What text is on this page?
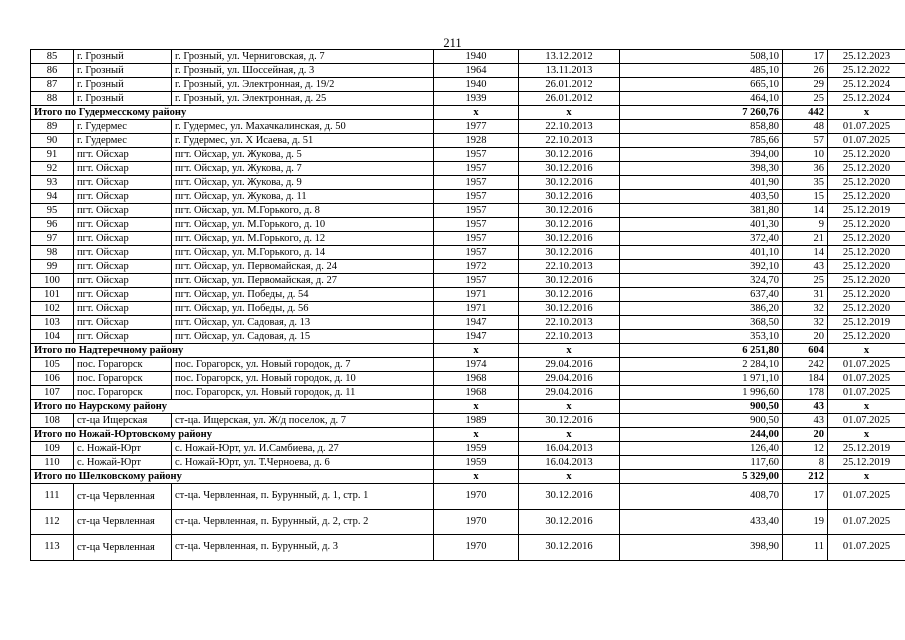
211
85	г. Грозный	г. Грозный, ул. Черниговская, д. 7	1940	13.12.2012	508,10	17	25.12.2023
86	г. Грозный	г. Грозный, ул. Шоссейная, д. 3	1964	13.11.2013	485,10	26	25.12.2022
87	г. Грозный	г. Грозный, ул. Электронная, д. 19/2	1940	26.01.2012	665,10	29	25.12.2024
88	г. Грозный	г. Грозный, ул. Электронная, д. 25	1939	26.01.2012	464,10	25	25.12.2024
Итого по Гудермесскому району			х	х	7 260,76	442	х
89	г. Гудермес	г. Гудермес, ул. Махачкалинская, д. 50	1977	22.10.2013	858,80	48	01.07.2025
90	г. Гудермес	г. Гудермес, ул. Х Исаева, д. 51	1928	22.10.2013	785,66	57	01.07.2025
91	пгт. Ойсхар	пгт. Ойсхар, ул. Жукова, д. 5	1957	30.12.2016	394,00	10	25.12.2020
92	пгт. Ойсхар	пгт. Ойсхар, ул. Жукова, д. 7	1957	30.12.2016	398,30	36	25.12.2020
93	пгт. Ойсхар	пгт. Ойсхар, ул. Жукова, д. 9	1957	30.12.2016	401,90	35	25.12.2020
94	пгт. Ойсхар	пгт. Ойсхар, ул. Жукова, д. 11	1957	30.12.2016	403,50	15	25.12.2020
95	пгт. Ойсхар	пгт. Ойсхар, ул. М.Горького, д. 8	1957	30.12.2016	381,80	14	25.12.2019
96	пгт. Ойсхар	пгт. Ойсхар, ул. М.Горького, д. 10	1957	30.12.2016	401,30	9	25.12.2020
97	пгт. Ойсхар	пгт. Ойсхар, ул. М.Горького, д. 12	1957	30.12.2016	372,40	21	25.12.2020
98	пгт. Ойсхар	пгт. Ойсхар, ул. М.Горького, д. 14	1957	30.12.2016	401,10	14	25.12.2020
99	пгт. Ойсхар	пгт. Ойсхар, ул. Первомайская, д. 24	1972	22.10.2013	392,10	43	25.12.2020
100	пгт. Ойсхар	пгт. Ойсхар, ул. Первомайская, д. 27	1957	30.12.2016	324,70	25	25.12.2020
101	пгт. Ойсхар	пгт. Ойсхар, ул. Победы, д. 54	1971	30.12.2016	637,40	31	25.12.2020
102	пгт. Ойсхар	пгт. Ойсхар, ул. Победы, д. 56	1971	30.12.2016	386,20	32	25.12.2020
103	пгт. Ойсхар	пгт. Ойсхар, ул. Садовая, д. 13	1947	22.10.2013	368,50	32	25.12.2019
104	пгт. Ойсхар	пгт. Ойсхар, ул. Садовая, д. 15	1947	22.10.2013	353,10	20	25.12.2020
Итого по Надтеречному району			х	х	6 251,80	604	х
105	пос. Горагорск	пос. Горагорск, ул. Новый городок, д. 7	1974	29.04.2016	2 284,10	242	01.07.2025
106	пос. Горагорск	пос. Горагорск, ул. Новый городок, д. 10	1968	29.04.2016	1 971,10	184	01.07.2025
107	пос. Горагорск	пос. Горагорск, ул. Новый городок, д. 11	1968	29.04.2016	1 996,60	178	01.07.2025
Итого по Наурскому району			х	х	900,50	43	х
108	ст-ца Ищерская	ст-ца. Ищерская, ул. Ж/д поселок, д. 7	1989	30.12.2016	900,50	43	01.07.2025
Итого по Ножай-Юртовскому району			х	х	244,00	20	х
109	с. Ножай-Юрт	с. Ножай-Юрт, ул. И.Самбиева, д. 27	1959	16.04.2013	126,40	12	25.12.2019
110	с. Ножай-Юрт	с. Ножай-Юрт, ул. Т.Черноева, д. 6	1959	16.04.2013	117,60	8	25.12.2019
Итого по Шелковскому району			х	х	5 329,00	212	х
111	ст-ца Червленная	ст-ца. Червленная, п. Бурунный, д. 1, стр. 1	1970	30.12.2016	408,70	17	01.07.2025
112	ст-ца Червленная	ст-ца. Червленная, п. Бурунный, д. 2, стр. 2	1970	30.12.2016	433,40	19	01.07.2025
113	ст-ца Червленная	ст-ца. Червленная, п. Бурунный, д. 3	1970	30.12.2016	398,90	11	01.07.2025
